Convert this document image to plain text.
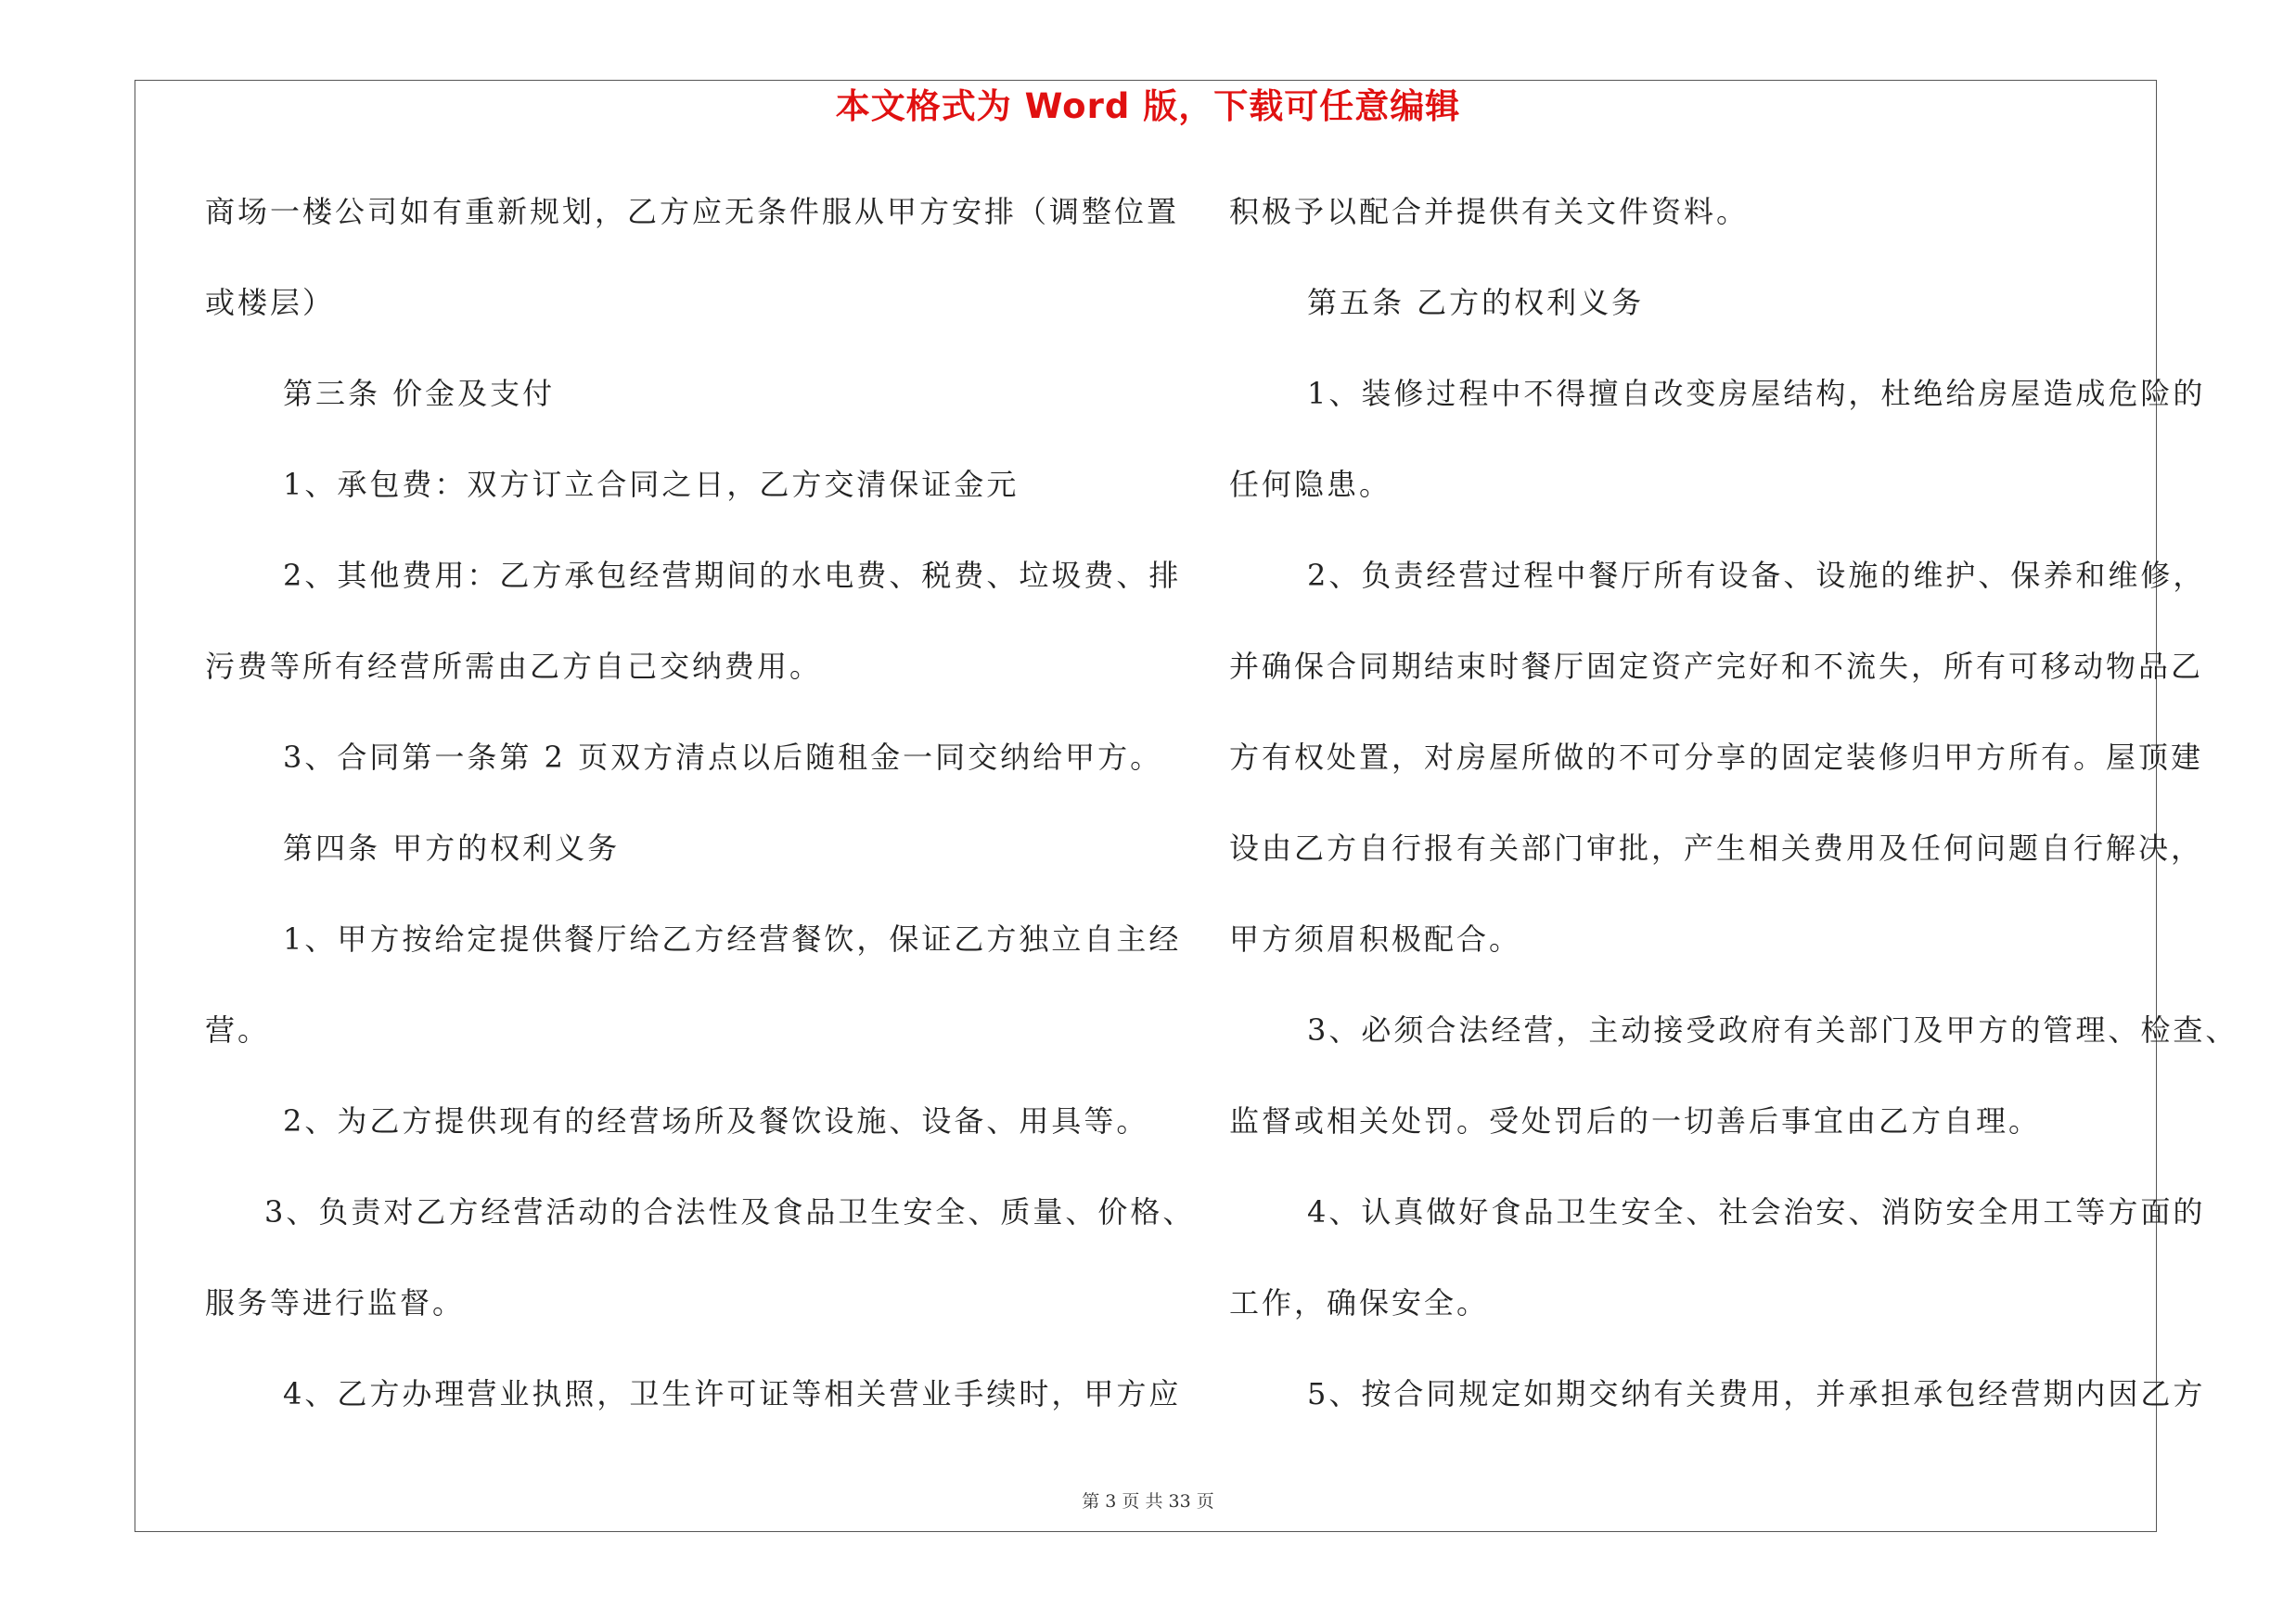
本文格式为 Word 版，下载可任意编辑
商场一楼公司如有重新规划，乙方应无条件服从甲方安排（调整位置
或楼层）
第三条 价金及支付
1、承包费：双方订立合同之日，乙方交清保证金元
2、其他费用：乙方承包经营期间的水电费、税费、垃圾费、排
污费等所有经营所需由乙方自己交纳费用。
3、合同第一条第 2 页双方清点以后随租金一同交纳给甲方。
第四条 甲方的权利义务
1、甲方按给定提供餐厅给乙方经营餐饮，保证乙方独立自主经
营。
2、为乙方提供现有的经营场所及餐饮设施、设备、用具等。
3、负责对乙方经营活动的合法性及食品卫生安全、质量、价格、
服务等进行监督。
4、乙方办理营业执照，卫生许可证等相关营业手续时，甲方应
积极予以配合并提供有关文件资料。
第五条 乙方的权利义务
1、装修过程中不得擅自改变房屋结构，杜绝给房屋造成危险的
任何隐患。
2、负责经营过程中餐厅所有设备、设施的维护、保养和维修，
并确保合同期结束时餐厅固定资产完好和不流失，所有可移动物品乙
方有权处置，对房屋所做的不可分享的固定装修归甲方所有。屋顶建
设由乙方自行报有关部门审批，产生相关费用及任何问题自行解决，
甲方须眉积极配合。
3、必须合法经营，主动接受政府有关部门及甲方的管理、检查、
监督或相关处罚。受处罚后的一切善后事宜由乙方自理。
4、认真做好食品卫生安全、社会治安、消防安全用工等方面的
工作，确保安全。
5、按合同规定如期交纳有关费用，并承担承包经营期内因乙方
第 3 页 共 33 页
